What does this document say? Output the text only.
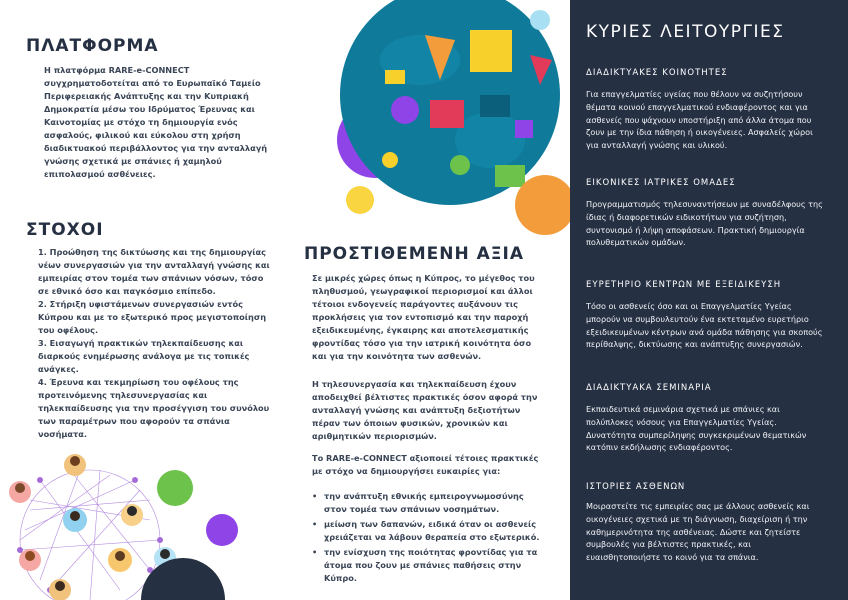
ΠΛΑΤΦΟΡΜΑ

Η πλατφόρμα RARE-e-CONNECT συγχρηματοδοτείται από το Ευρωπαϊκό Ταμείο Περιφερειακής Ανάπτυξης και την Κυπριακή Δημοκρατία μέσω του Ιδρύματος Έρευνας και Καινοτομίας με στόχο τη δημιουργία ενός ασφαλούς, φιλικού και εύκολου στη χρήση διαδικτυακού περιβάλλοντος για την ανταλλαγή γνώσης σχετικά με σπάνιες ή χαμηλού επιπολασμού ασθένειες.

ΣΤΟΧΟΙ
1. Προώθηση της δικτύωσης και της δημιουργίας νέων συνεργασιών για την ανταλλαγή γνώσης και εμπειρίας στον τομέα των σπάνιων νόσων, τόσο σε εθνικό όσο και παγκόσμιο επίπεδο.
2. Στήριξη υφιστάμενων συνεργασιών εντός Κύπρου και με το εξωτερικό προς μεγιστοποίηση του οφέλους.
3. Εισαγωγή πρακτικών τηλεκπαίδευσης και διαρκούς ενημέρωσης ανάλογα με τις τοπικές ανάγκες.
4. Έρευνα και τεκμηρίωση του οφέλους της προτεινόμενης τηλεσυνεργασίας και τηλεκπαίδευσης για την προσέγγιση του συνόλου των παραμέτρων που αφορούν τα σπάνια νοσήματα.
ΠΡΟΣΤΙΘΕΜΕΝΗ ΑΞΙΑ

Σε μικρές χώρες όπως η Κύπρος, το μέγεθος του πληθυσμού, γεωγραφικοί περιορισμοί και άλλοι τέτοιοι ενδογενείς παράγοντες αυξάνουν τις προκλήσεις για τον εντοπισμό και την παροχή εξειδικευμένης, έγκαιρης και αποτελεσματικής φροντίδας τόσο για την ιατρική κοινότητα όσο και για την κοινότητα των ασθενών.

Η τηλεσυνεργασία και τηλεκπαίδευση έχουν αποδειχθεί βέλτιστες πρακτικές όσον αφορά την ανταλλαγή γνώσης και ανάπτυξη δεξιοτήτων πέραν των όποιων φυσικών, χρονικών και αριθμητικών περιορισμών.

Το RARE-e-CONNECT αξιοποιεί τέτοιες πρακτικές με στόχο να δημιουργήσει ευκαιρίες για:

• την ανάπτυξη εθνικής εμπειρογνωμοσύνης στον τομέα των σπάνιων νοσημάτων.
• μείωση των δαπανών, ειδικά όταν οι ασθενείς χρειάζεται να λάβουν θεραπεία στο εξωτερικό.
• την ενίσχυση της ποιότητας φροντίδας για τα άτομα που ζουν με σπάνιες παθήσεις στην Κύπρο.
ΚΥΡΙΕΣ ΛΕΙΤΟΥΡΓΙΕΣ
ΔΙΑΔΙΚΤΥΑΚΕΣ ΚΟΙΝΟΤΗΤΕΣ

Για επαγγελματίες υγείας που θέλουν να συζητήσουν θέματα κοινού επαγγελματικού ενδιαφέροντος και για ασθενείς που ψάχνουν υποστήριξη από άλλα άτομα που ζουν με την ίδια πάθηση ή οικογένειες. Ασφαλείς χώροι για ανταλλαγή γνώσης και υλικού.

ΕΙΚΟΝΙΚΕΣ ΙΑΤΡΙΚΕΣ ΟΜΑΔΕΣ

Προγραμματισμός τηλεσυναντήσεων με συναδέλφους της ίδιας ή διαφορετικών ειδικοτήτων για συζήτηση, συντονισμό ή λήψη αποφάσεων. Πρακτική δημιουργία πολυθεματικών ομάδων.

ΕΥΡΕΤΗΡΙΟ ΚΕΝΤΡΩΝ ΜΕ ΕΞΕΙΔΙΚΕΥΣΗ

Τόσο οι ασθενείς όσο και οι Επαγγελματίες Υγείας μπορούν να συμβουλευτούν ένα εκτεταμένο ευρετήριο εξειδικευμένων κέντρων ανά ομάδα πάθησης για σκοπούς περίθαλψης, δικτύωσης και ανάπτυξης συνεργασιών.

ΔΙΑΔΙΚΤΥΑΚΑ ΣΕΜΙΝΑΡΙΑ

Εκπαιδευτικά σεμινάρια σχετικά με σπάνιες και πολύπλοκες νόσους για Επαγγελματίες Υγείας. Δυνατότητα συμπερίληψης συγκεκριμένων θεματικών κατόπιν εκδήλωσης ενδιαφέροντος.

ΙΣΤΟΡΙΕΣ ΑΣΘΕΝΩΝ

Μοιραστείτε τις εμπειρίες σας με άλλους ασθενείς και οικογένειες σχετικά με τη διάγνωση, διαχείριση ή την καθημερινότητα της ασθένειας. Δώστε και ζητείστε συμβουλές για βέλτιστες πρακτικές, και ευαισθητοποιήστε το κοινό για τα σπάνια.
